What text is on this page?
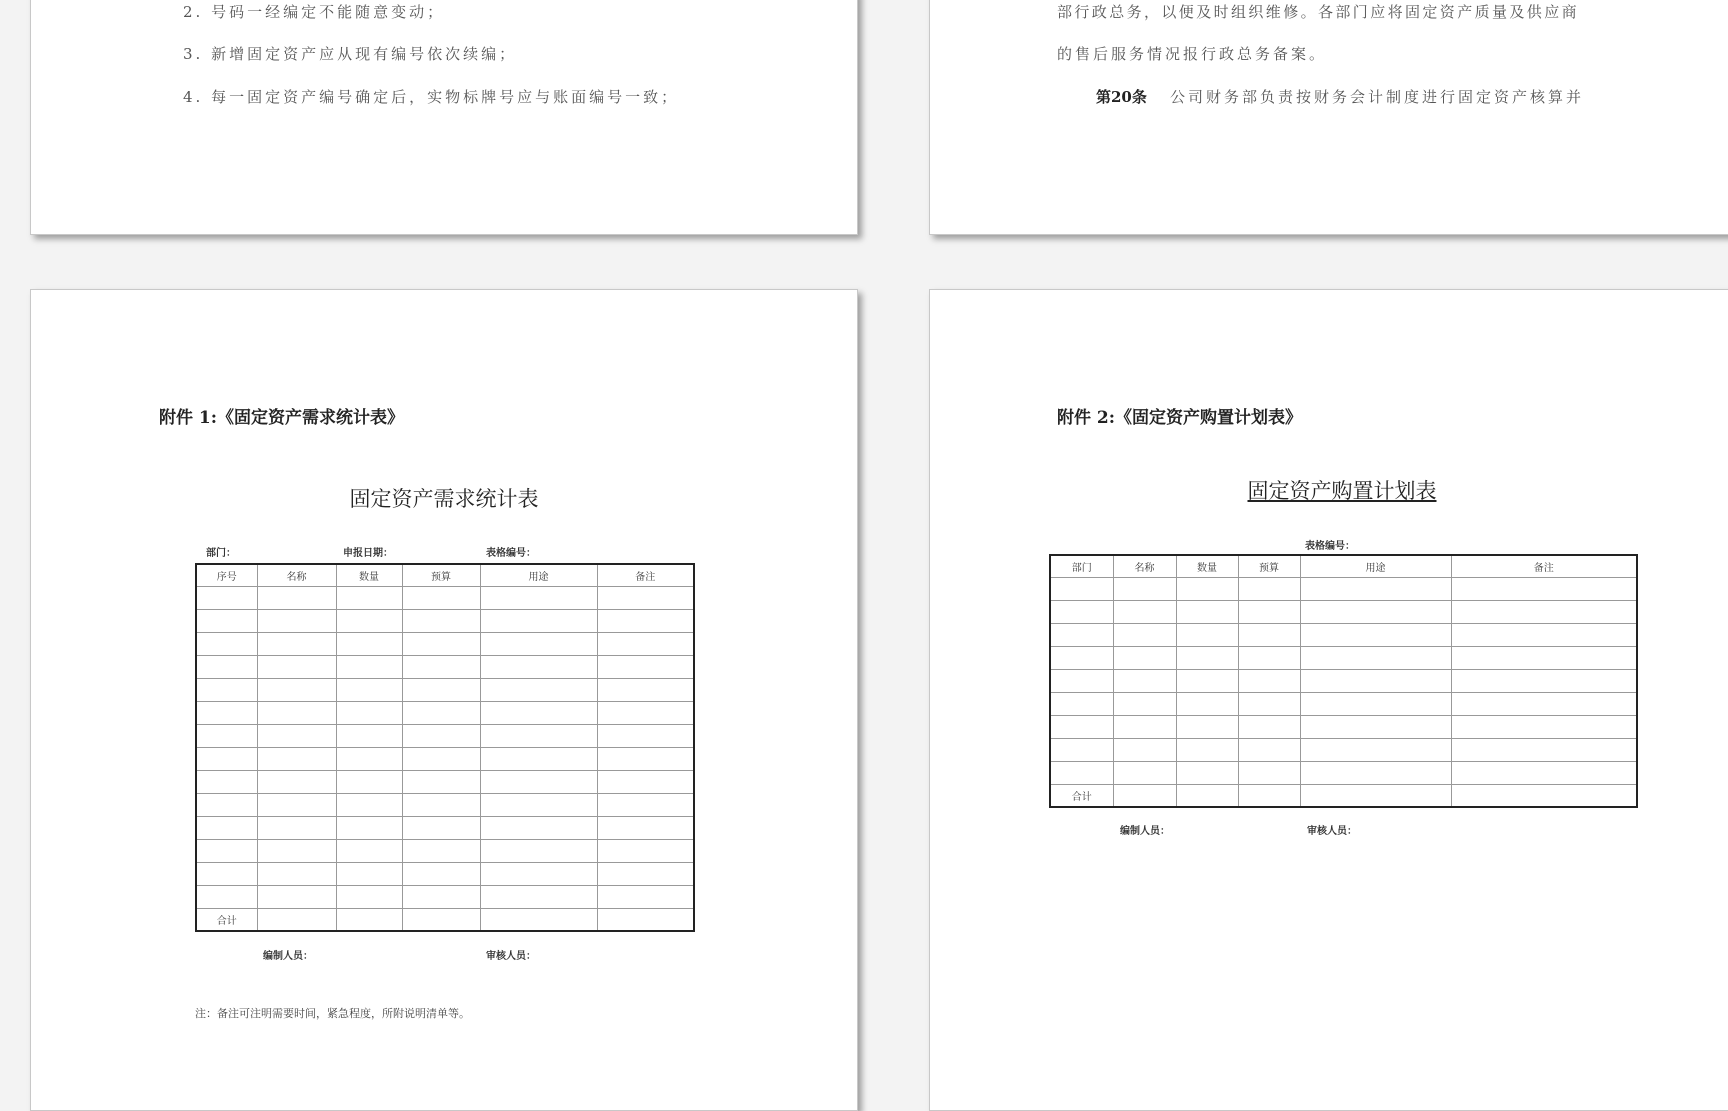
2. 号码一经编定不能随意变动；
3. 新增固定资产应从现有编号依次续编；
4. 每一固定资产编号确定后，实物标牌号应与账面编号一致；
部行政总务，以便及时组织维修。各部门应将固定资产质量及供应商
的售后服务情况报行政总务备案。
第20条 公司财务部负责按财务会计制度进行固定资产核算并
附件 1:《固定资产需求统计表》
固定资产需求统计表
部门：	申报日期：	表格编号：
序号	名称	数量	预算	用途	备注

合计					
编制人员：	审核人员：
注：备注可注明需要时间，紧急程度，所附说明清单等。
附件 2:《固定资产购置计划表》
固定资产购置计划表
表格编号：
部门	名称	数量	预算	用途	备注

合计					
编制人员：	审核人员：
